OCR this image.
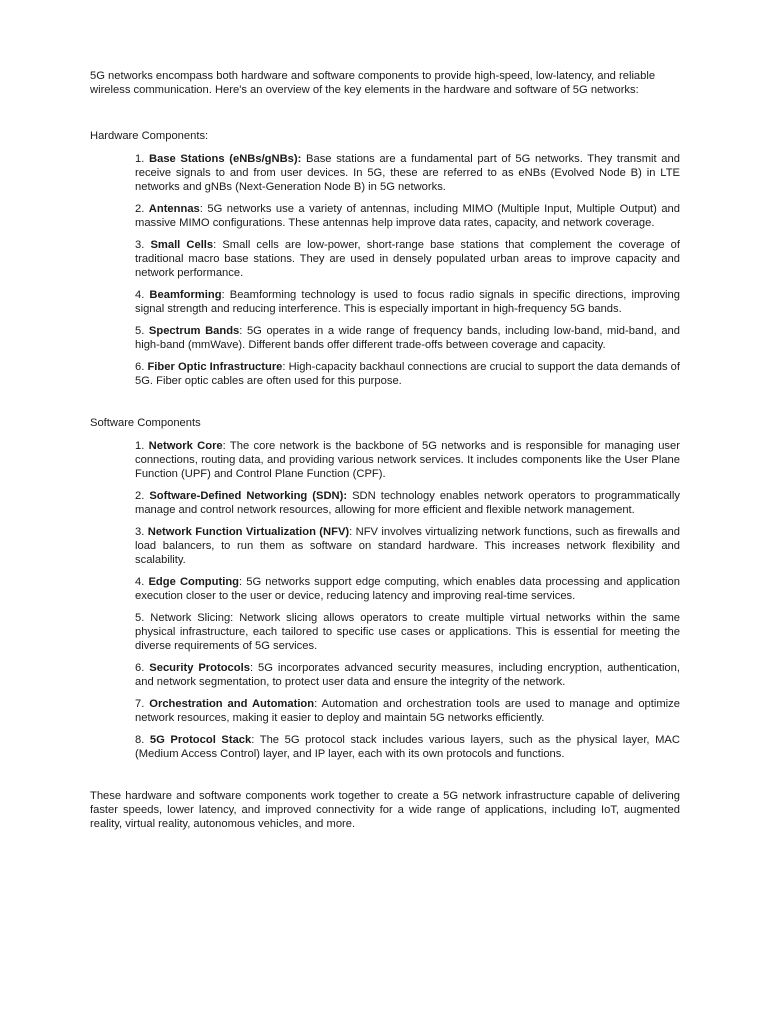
5G networks encompass both hardware and software components to provide high-speed, low-latency, and reliable wireless communication. Here's an overview of the key elements in the hardware and software of 5G networks:

Hardware Components:

1. Base Stations (eNBs/gNBs): Base stations are a fundamental part of 5G networks. They transmit and receive signals to and from user devices. In 5G, these are referred to as eNBs (Evolved Node B) in LTE networks and gNBs (Next-Generation Node B) in 5G networks.

2. Antennas: 5G networks use a variety of antennas, including MIMO (Multiple Input, Multiple Output) and massive MIMO configurations. These antennas help improve data rates, capacity, and network coverage.

3. Small Cells: Small cells are low-power, short-range base stations that complement the coverage of traditional macro base stations. They are used in densely populated urban areas to improve capacity and network performance.

4. Beamforming: Beamforming technology is used to focus radio signals in specific directions, improving signal strength and reducing interference. This is especially important in high-frequency 5G bands.

5. Spectrum Bands: 5G operates in a wide range of frequency bands, including low-band, mid-band, and high-band (mmWave). Different bands offer different trade-offs between coverage and capacity.

6. Fiber Optic Infrastructure: High-capacity backhaul connections are crucial to support the data demands of 5G. Fiber optic cables are often used for this purpose.

Software Components

1. Network Core: The core network is the backbone of 5G networks and is responsible for managing user connections, routing data, and providing various network services. It includes components like the User Plane Function (UPF) and Control Plane Function (CPF).

2. Software-Defined Networking (SDN): SDN technology enables network operators to programmatically manage and control network resources, allowing for more efficient and flexible network management.

3. Network Function Virtualization (NFV): NFV involves virtualizing network functions, such as firewalls and load balancers, to run them as software on standard hardware. This increases network flexibility and scalability.

4. Edge Computing: 5G networks support edge computing, which enables data processing and application execution closer to the user or device, reducing latency and improving real-time services.

5. Network Slicing: Network slicing allows operators to create multiple virtual networks within the same physical infrastructure, each tailored to specific use cases or applications. This is essential for meeting the diverse requirements of 5G services.

6. Security Protocols: 5G incorporates advanced security measures, including encryption, authentication, and network segmentation, to protect user data and ensure the integrity of the network.

7. Orchestration and Automation: Automation and orchestration tools are used to manage and optimize network resources, making it easier to deploy and maintain 5G networks efficiently.

8. 5G Protocol Stack: The 5G protocol stack includes various layers, such as the physical layer, MAC (Medium Access Control) layer, and IP layer, each with its own protocols and functions.

These hardware and software components work together to create a 5G network infrastructure capable of delivering faster speeds, lower latency, and improved connectivity for a wide range of applications, including IoT, augmented reality, virtual reality, autonomous vehicles, and more.
